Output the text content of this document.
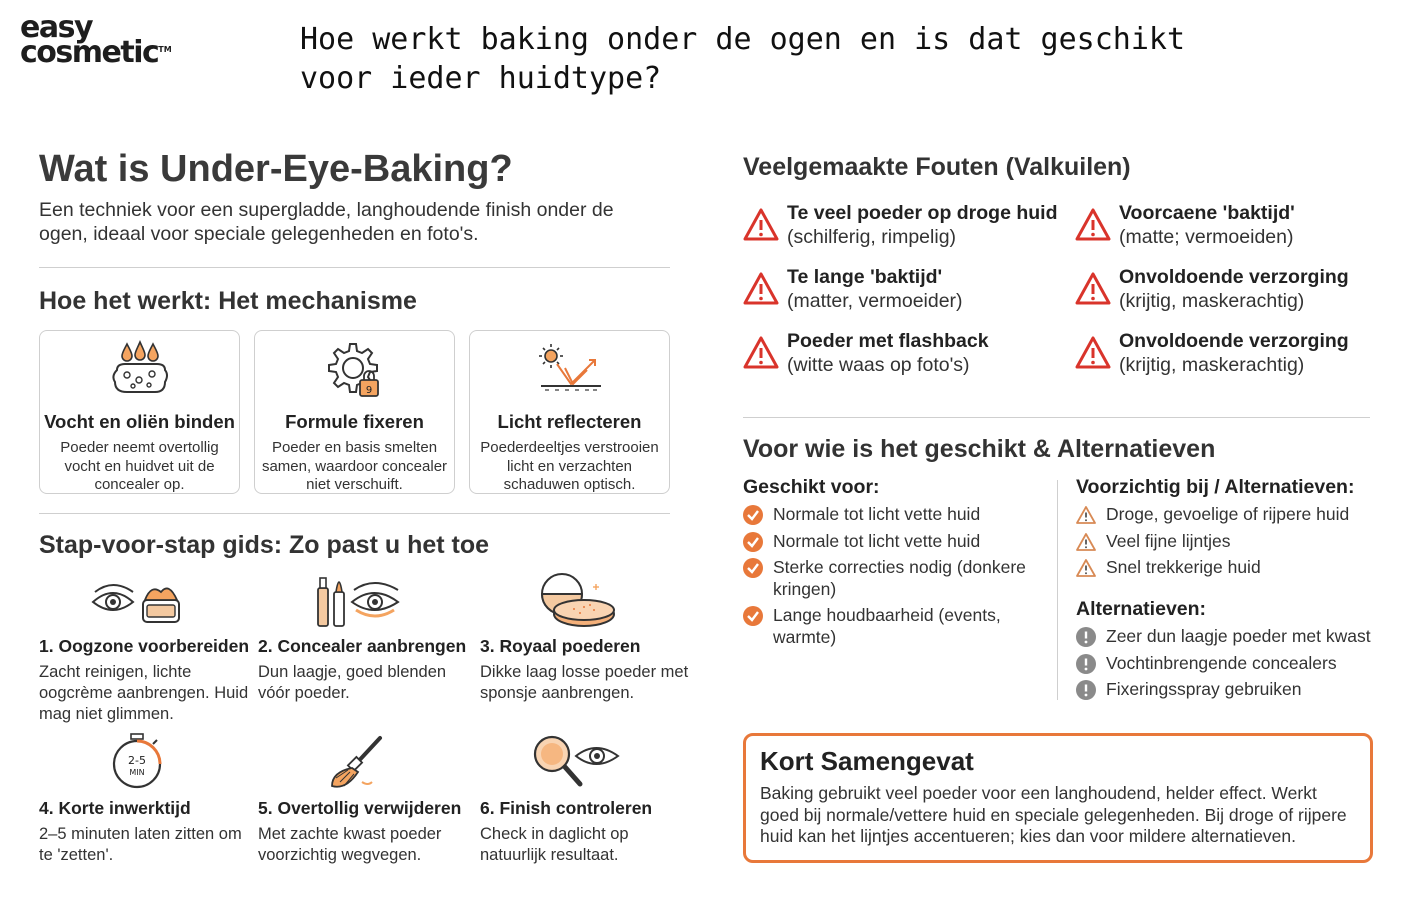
easy
cosmetic™	Hoe werkt baking onder de ogen en is dat geschikt voor ieder huidtype?
Wat is Under-Eye-Baking?
Een techniek voor een supergladde, langhoudende finish onder de ogen, ideaal voor speciale gelegenheden en foto's.
Hoe het werkt: Het mechanisme
Vocht en oliën binden
Poeder neemt overtollig vocht en huidvet uit de concealer op.
9
Formule fixeren
Poeder en basis smelten samen, waardoor concealer niet verschuift.
Licht reflecteren
Poederdeeltjes verstrooien licht en verzachten schaduwen optisch.
Stap-voor-stap gids: Zo past u het toe
1. Oogzone voorbereiden
Zacht reinigen, lichte oogcrème aanbrengen. Huid mag niet glimmen.
2. Concealer aanbrengen
Dun laagje, goed blenden vóór poeder.
3. Royaal poederen
Dikke laag losse poeder met sponsje aanbrengen.
2-5
MIN
4. Korte inwerktijd
2–5 minuten laten zitten om te 'zetten'.
5. Overtollig verwijderen
Met zachte kwast poeder voorzichtig wegvegen.
6. Finish controleren
Check in daglicht op natuurlijk resultaat.
Veelgemaakte Fouten (Valkuilen)
Te veel poeder op droge huid
(schilferig, rimpelig)
Voorcaene 'baktijd'
(matte; vermoeiden)
Te lange 'baktijd'
(matter, vermoeider)
Onvoldoende verzorging
(krijtig, maskerachtig)
Poeder met flashback
(witte waas op foto's)
Onvoldoende verzorging
(krijtig, maskerachtig)
Voor wie is het geschikt & Alternatieven
Geschikt voor:
Normale tot licht vette huid
Normale tot licht vette huid
Sterke correcties nodig (donkere kringen)
Lange houdbaarheid (events, warmte)
Voorzichtig bij / Alternatieven:
Droge, gevoelige of rijpere huid
Veel fijne lijntjes
Snel trekkerige huid
Alternatieven:
Zeer dun laagje poeder met kwast
Vochtinbrengende concealers
Fixeringsspray gebruiken
Kort Samengevat
Baking gebruikt veel poeder voor een langhoudend, helder effect. Werkt goed bij normale/vettere huid en speciale gelegenheden. Bij droge of rijpere huid kan het lijntjes accentueren; kies dan voor mildere alternatieven.
